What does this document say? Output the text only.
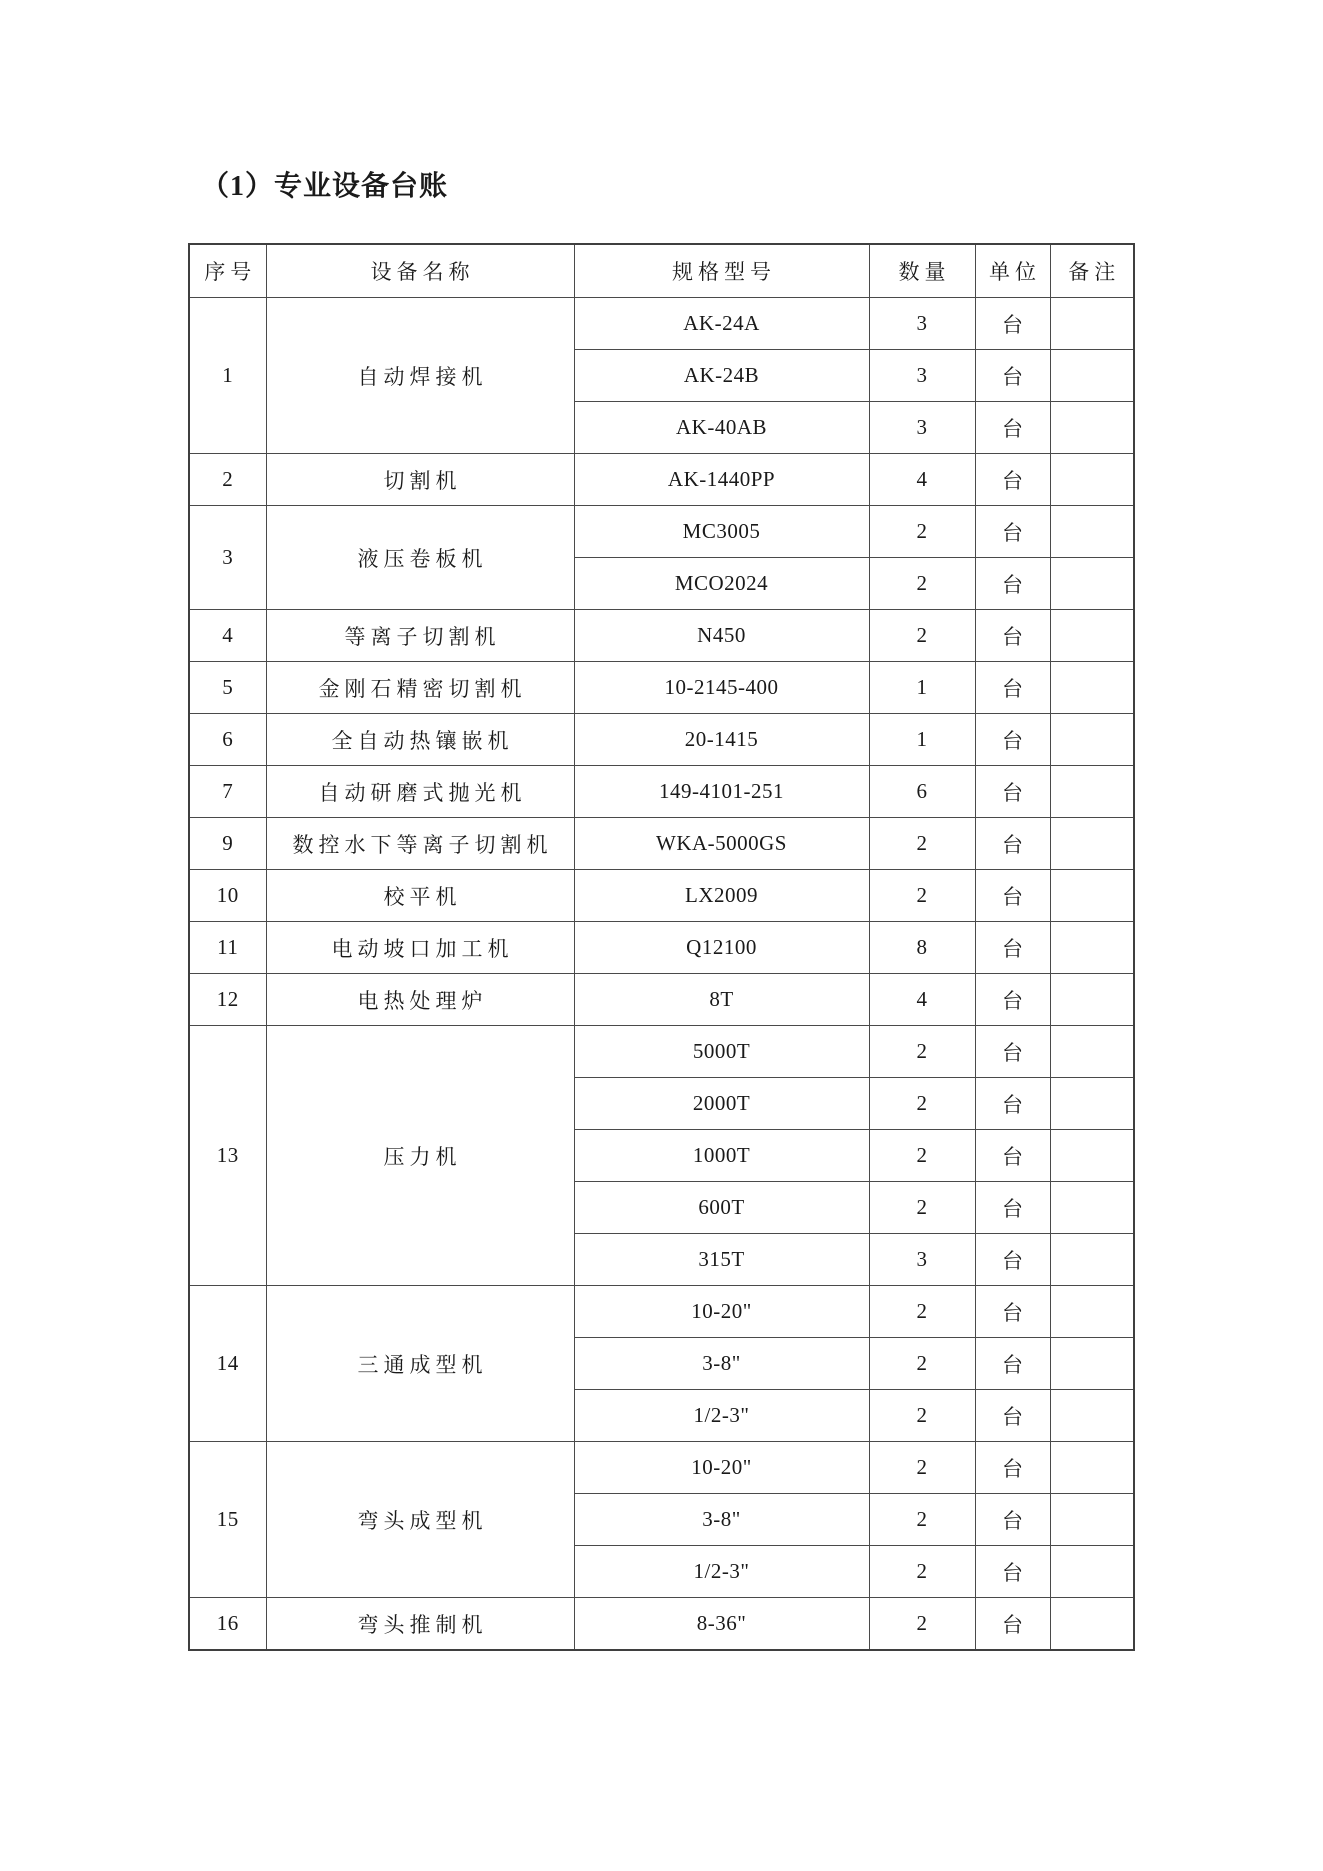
（1）专业设备台账
序号	设备名称	规格型号	数量	单位	备注
1	自动焊接机	AK-24A	3	台	
		AK-24B	3	台	
		AK-40AB	3	台	
2	切割机	AK-1440PP	4	台	
3	液压卷板机	MC3005	2	台	
		MCO2024	2	台	
4	等离子切割机	N450	2	台	
5	金刚石精密切割机	10-2145-400	1	台	
6	全自动热镶嵌机	20-1415	1	台	
7	自动研磨式抛光机	149-4101-251	6	台	
9	数控水下等离子切割机	WKA-5000GS	2	台	
10	校平机	LX2009	2	台	
11	电动坡口加工机	Q12100	8	台	
12	电热处理炉	8T	4	台	
13	压力机	5000T	2	台	
		2000T	2	台	
		1000T	2	台	
		600T	2	台	
		315T	3	台	
14	三通成型机	10-20"	2	台	
		3-8"	2	台	
		1/2-3"	2	台	
15	弯头成型机	10-20"	2	台	
		3-8"	2	台	
		1/2-3"	2	台	
16	弯头推制机	8-36"	2	台	
